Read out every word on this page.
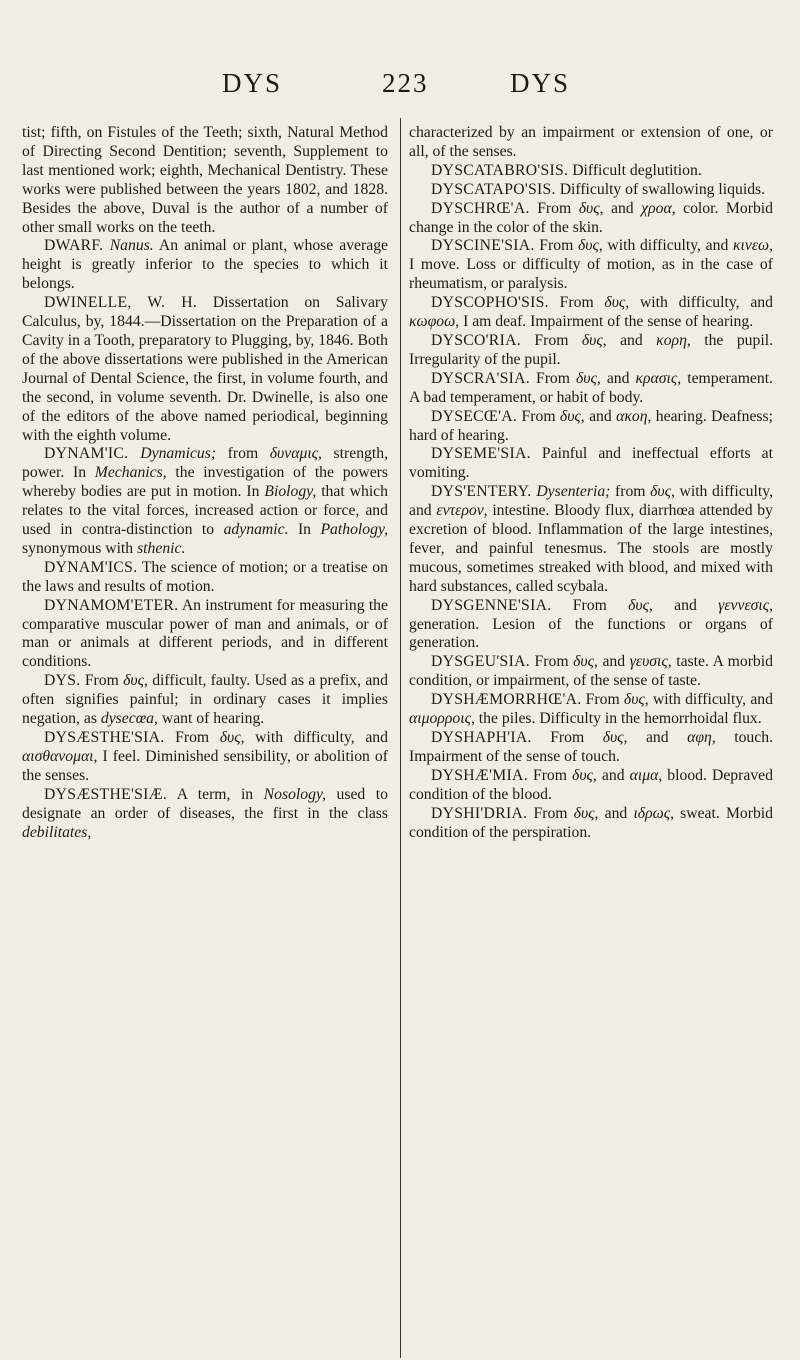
DYS	223	DYS

tist; fifth, on Fistules of the Teeth; sixth, Natural Method of Directing Second Dentition; seventh, Supplement to last mentioned work; eighth, Mechanical Dentistry. These works were published between the years 1802, and 1828. Besides the above, Duval is the author of a number of other small works on the teeth.

DWARF. Nanus. An animal or plant, whose average height is greatly inferior to the species to which it belongs.

DWINELLE, W. H. Dissertation on Salivary Calculus, by, 1844.—Dissertation on the Preparation of a Cavity in a Tooth, preparatory to Plugging, by, 1846. Both of the above dissertations were published in the American Journal of Dental Science, the first, in volume fourth, and the second, in volume seventh. Dr. Dwinelle, is also one of the editors of the above named periodical, beginning with the eighth volume.

DYNAM'IC. Dynamicus; from δυναμις, strength, power. In Mechanics, the investigation of the powers whereby bodies are put in motion. In Biology, that which relates to the vital forces, increased action or force, and used in contra-distinction to adynamic. In Pathology, synonymous with sthenic.

DYNAM'ICS. The science of motion; or a treatise on the laws and results of motion.

DYNAMOM'ETER. An instrument for measuring the comparative muscular power of man and animals, or of man or animals at different periods, and in different conditions.

DYS. From δυς, difficult, faulty. Used as a prefix, and often signifies painful; in ordinary cases it implies negation, as dysecœa, want of hearing.

DYSÆSTHE'SIA. From δυς, with difficulty, and αισθανομαι, I feel. Diminished sensibility, or abolition of the senses.

DYSÆSTHE'SIÆ. A term, in Nosology, used to designate an order of diseases, the first in the class debilitates,

characterized by an impairment or extension of one, or all, of the senses.

DYSCATABRO'SIS. Difficult deglutition.

DYSCATAPO'SIS. Difficulty of swallowing liquids.

DYSCHRŒ'A. From δυς, and χροα, color. Morbid change in the color of the skin.

DYSCINE'SIA. From δυς, with difficulty, and κινεω, I move. Loss or difficulty of motion, as in the case of rheumatism, or paralysis.

DYSCOPHO'SIS. From δυς, with difficulty, and κωφοω, I am deaf. Impairment of the sense of hearing.

DYSCO'RIA. From δυς, and κορη, the pupil. Irregularity of the pupil.

DYSCRA'SIA. From δυς, and κρασις, temperament. A bad temperament, or habit of body.

DYSECŒ'A. From δυς, and ακοη, hearing. Deafness; hard of hearing.

DYSEME'SIA. Painful and ineffectual efforts at vomiting.

DYS'ENTERY. Dysenteria; from δυς, with difficulty, and εντερον, intestine. Bloody flux, diarrhœa attended by excretion of blood. Inflammation of the large intestines, fever, and painful tenesmus. The stools are mostly mucous, sometimes streaked with blood, and mixed with hard substances, called scybala.

DYSGENNE'SIA. From δυς, and γεννεσις, generation. Lesion of the functions or organs of generation.

DYSGEU'SIA. From δυς, and γευσις, taste. A morbid condition, or impairment, of the sense of taste.

DYSHÆMORRHŒ'A. From δυς, with difficulty, and αιμορροις, the piles. Difficulty in the hemorrhoidal flux.

DYSHAPH'IA. From δυς, and αφη, touch. Impairment of the sense of touch.

DYSHÆ'MIA. From δυς, and αιμα, blood. Depraved condition of the blood.

DYSHI'DRIA. From δυς, and ιδρως, sweat. Morbid condition of the perspiration.
